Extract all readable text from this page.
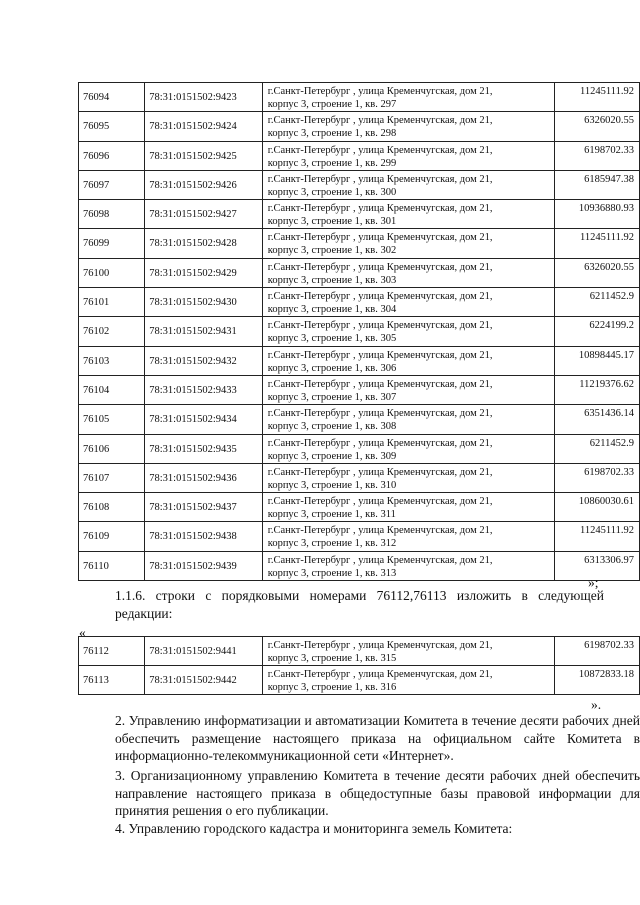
76094	78:31:0151502:9423	г.Санкт-Петербург , улица Кременчугская, дом 21,
корпус 3, строение 1, кв. 297	11245111.92

76095	78:31:0151502:9424	г.Санкт-Петербург , улица Кременчугская, дом 21,
корпус 3, строение 1, кв. 298	6326020.55

76096	78:31:0151502:9425	г.Санкт-Петербург , улица Кременчугская, дом 21,
корпус 3, строение 1, кв. 299	6198702.33

76097	78:31:0151502:9426	г.Санкт-Петербург , улица Кременчугская, дом 21,
корпус 3, строение 1, кв. 300	6185947.38

76098	78:31:0151502:9427	г.Санкт-Петербург , улица Кременчугская, дом 21,
корпус 3, строение 1, кв. 301	10936880.93

76099	78:31:0151502:9428	г.Санкт-Петербург , улица Кременчугская, дом 21,
корпус 3, строение 1, кв. 302	11245111.92

76100	78:31:0151502:9429	г.Санкт-Петербург , улица Кременчугская, дом 21,
корпус 3, строение 1, кв. 303	6326020.55

76101	78:31:0151502:9430	г.Санкт-Петербург , улица Кременчугская, дом 21,
корпус 3, строение 1, кв. 304	6211452.9

76102	78:31:0151502:9431	г.Санкт-Петербург , улица Кременчугская, дом 21,
корпус 3, строение 1, кв. 305	6224199.2

76103	78:31:0151502:9432	г.Санкт-Петербург , улица Кременчугская, дом 21,
корпус 3, строение 1, кв. 306	10898445.17

76104	78:31:0151502:9433	г.Санкт-Петербург , улица Кременчугская, дом 21,
корпус 3, строение 1, кв. 307	11219376.62

76105	78:31:0151502:9434	г.Санкт-Петербург , улица Кременчугская, дом 21,
корпус 3, строение 1, кв. 308	6351436.14

76106	78:31:0151502:9435	г.Санкт-Петербург , улица Кременчугская, дом 21,
корпус 3, строение 1, кв. 309	6211452.9

76107	78:31:0151502:9436	г.Санкт-Петербург , улица Кременчугская, дом 21,
корпус 3, строение 1, кв. 310	6198702.33

76108	78:31:0151502:9437	г.Санкт-Петербург , улица Кременчугская, дом 21,
корпус 3, строение 1, кв. 311	10860030.61

76109	78:31:0151502:9438	г.Санкт-Петербург , улица Кременчугская, дом 21,
корпус 3, строение 1, кв. 312	11245111.92

76110	78:31:0151502:9439	г.Санкт-Петербург , улица Кременчугская, дом 21,
корпус 3, строение 1, кв. 313	6313306.97
»;
1.1.6. строки с порядковыми номерами 76112,76113 изложить в следующей редакции:
«
76112	78:31:0151502:9441	г.Санкт-Петербург , улица Кременчугская, дом 21,
корпус 3, строение 1, кв. 315	6198702.33

76113	78:31:0151502:9442	г.Санкт-Петербург , улица Кременчугская, дом 21,
корпус 3, строение 1, кв. 316	10872833.18
».
2. Управлению информатизации и автоматизации Комитета в течение десяти рабочих дней обеспечить размещение настоящего приказа на официальном сайте Комитета в информационно-телекоммуникационной сети «Интернет».
3. Организационному управлению Комитета в течение десяти рабочих дней обеспечить направление настоящего приказа в общедоступные базы правовой информации для принятия решения о его публикации.
4. Управлению городского кадастра и мониторинга земель Комитета:
